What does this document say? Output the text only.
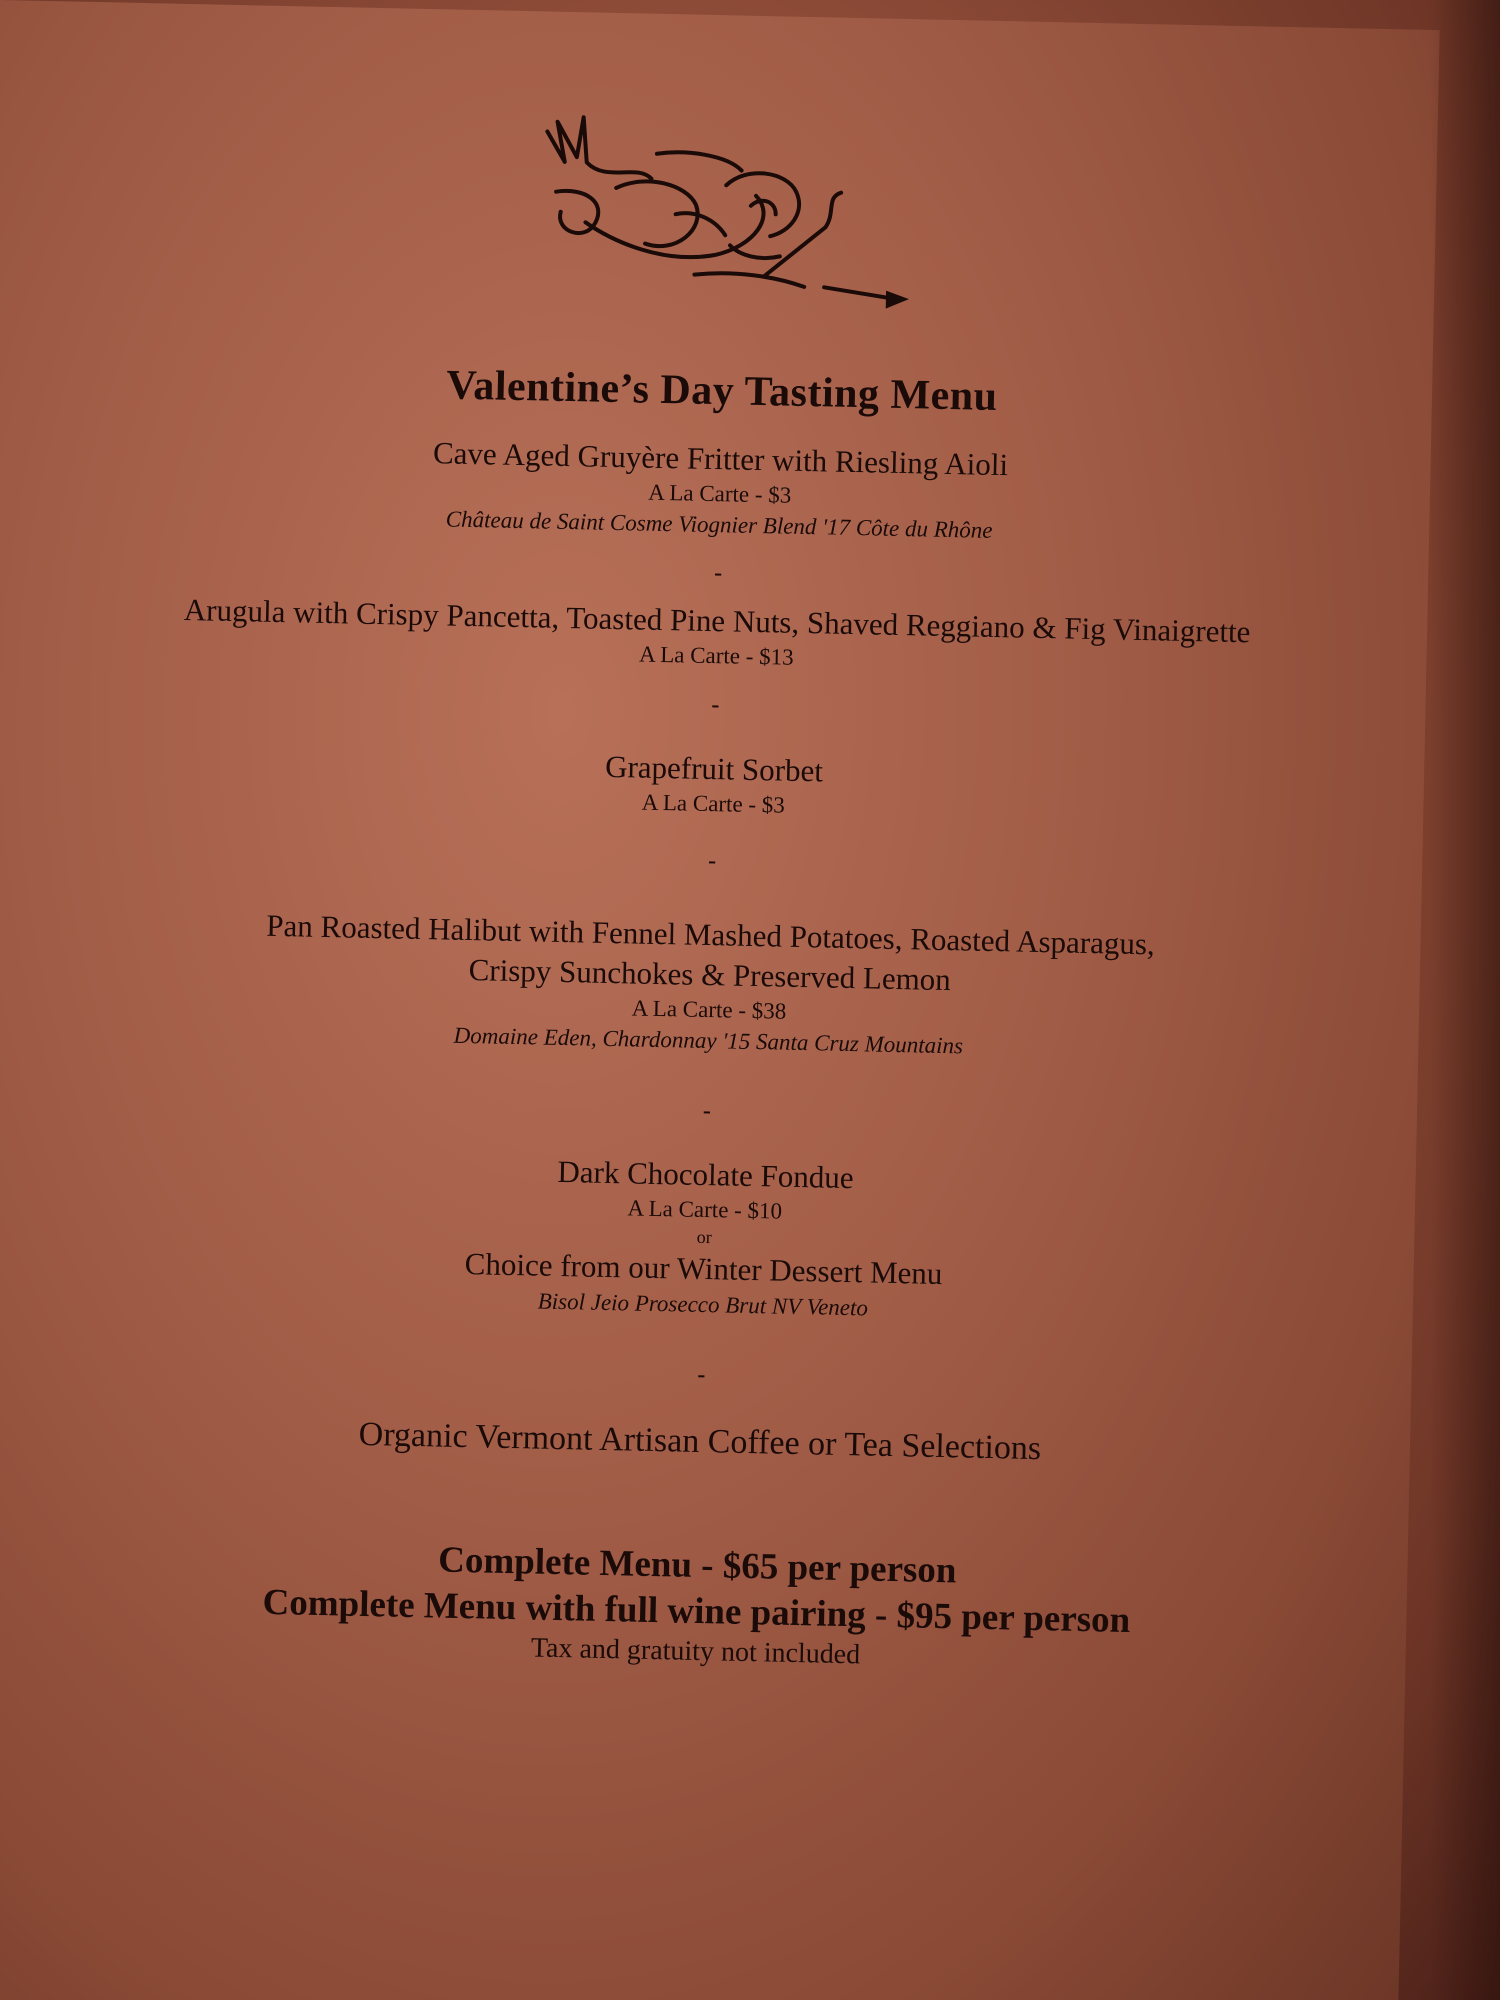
Valentine’s Day Tasting Menu
Cave Aged Gruyère Fritter with Riesling Aioli
A La Carte - $3
Château de Saint Cosme Viognier Blend '17 Côte du Rhône
-
Arugula with Crispy Pancetta, Toasted Pine Nuts, Shaved Reggiano & Fig Vinaigrette
A La Carte - $13
-
Grapefruit Sorbet
A La Carte - $3
-
Pan Roasted Halibut with Fennel Mashed Potatoes, Roasted Asparagus,
Crispy Sunchokes & Preserved Lemon
A La Carte - $38
Domaine Eden, Chardonnay '15 Santa Cruz Mountains
-
Dark Chocolate Fondue
A La Carte - $10
or
Choice from our Winter Dessert Menu
Bisol Jeio Prosecco Brut NV Veneto
-
Organic Vermont Artisan Coffee or Tea Selections
Complete Menu - $65 per person
Complete Menu with full wine pairing - $95 per person
Tax and gratuity not included
